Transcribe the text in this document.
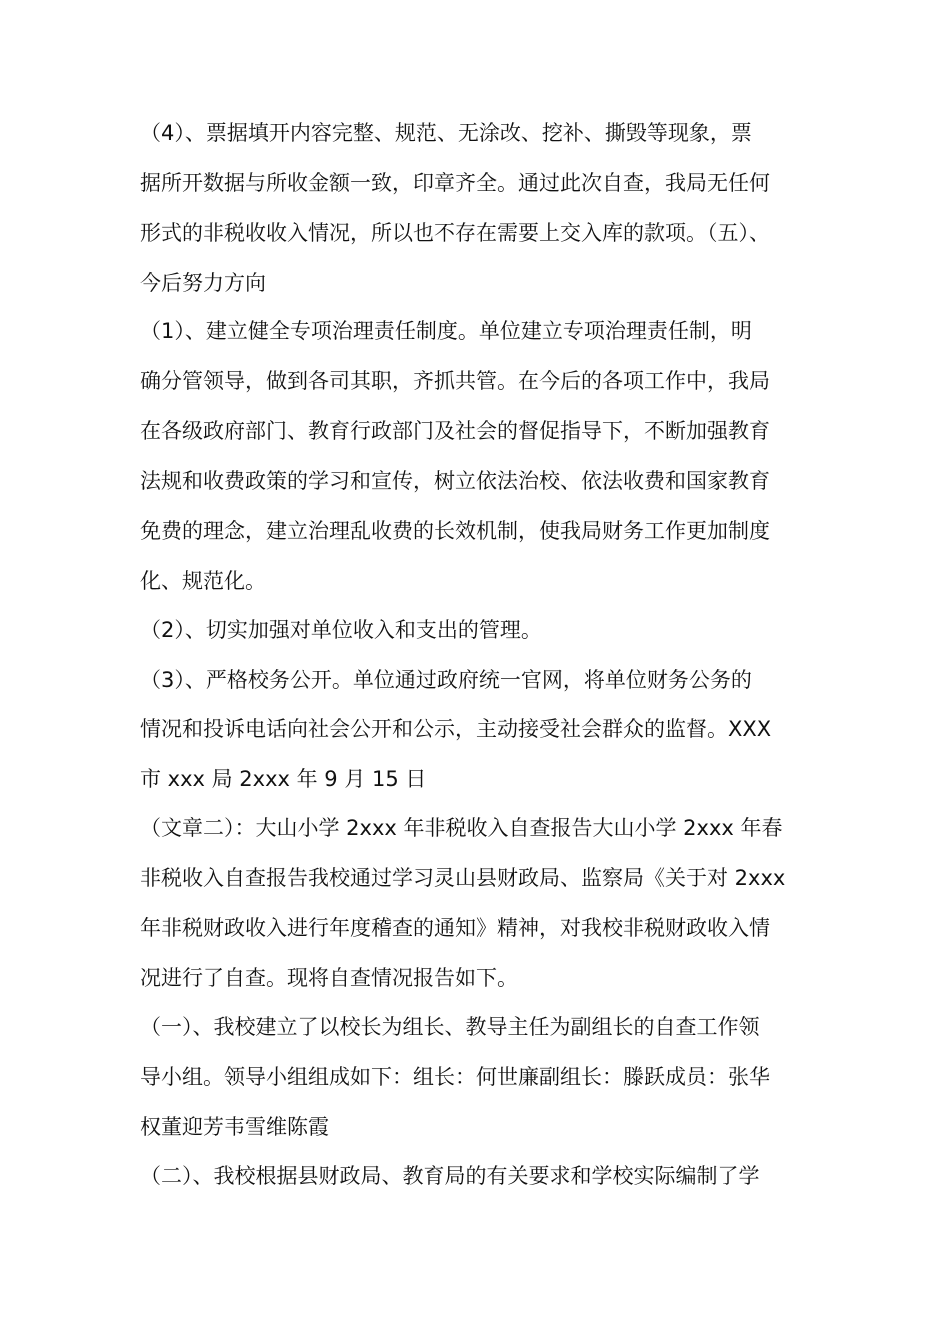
（4）、票据填开内容完整、规范、无涂改、挖补、撕毁等现象，票
据所开数据与所收金额一致，印章齐全。通过此次自查，我局无任何
形式的非税收收入情况，所以也不存在需要上交入库的款项。（五）、
今后努力方向
（1）、建立健全专项治理责任制度。单位建立专项治理责任制，明
确分管领导，做到各司其职，齐抓共管。在今后的各项工作中，我局
在各级政府部门、教育行政部门及社会的督促指导下，不断加强教育
法规和收费政策的学习和宣传，树立依法治校、依法收费和国家教育
免费的理念，建立治理乱收费的长效机制，使我局财务工作更加制度
化、规范化。
（2）、切实加强对单位收入和支出的管理。
（3）、严格校务公开。单位通过政府统一官网，将单位财务公务的
情况和投诉电话向社会公开和公示，主动接受社会群众的监督。XXX
市 xxx 局 2xxx 年 9 月 15 日
（文章二）：大山小学 2xxx 年非税收入自查报告大山小学 2xxx 年春
非税收入自查报告我校通过学习灵山县财政局、监察局《关于对 2xxx
年非税财政收入进行年度稽查的通知》精神，对我校非税财政收入情
况进行了自查。现将自查情况报告如下。
（一）、我校建立了以校长为组长、教导主任为副组长的自查工作领
导小组。领导小组组成如下：组长：何世廉副组长：滕跃成员：张华
权董迎芳韦雪维陈霞
（二）、我校根据县财政局、教育局的有关要求和学校实际编制了学
